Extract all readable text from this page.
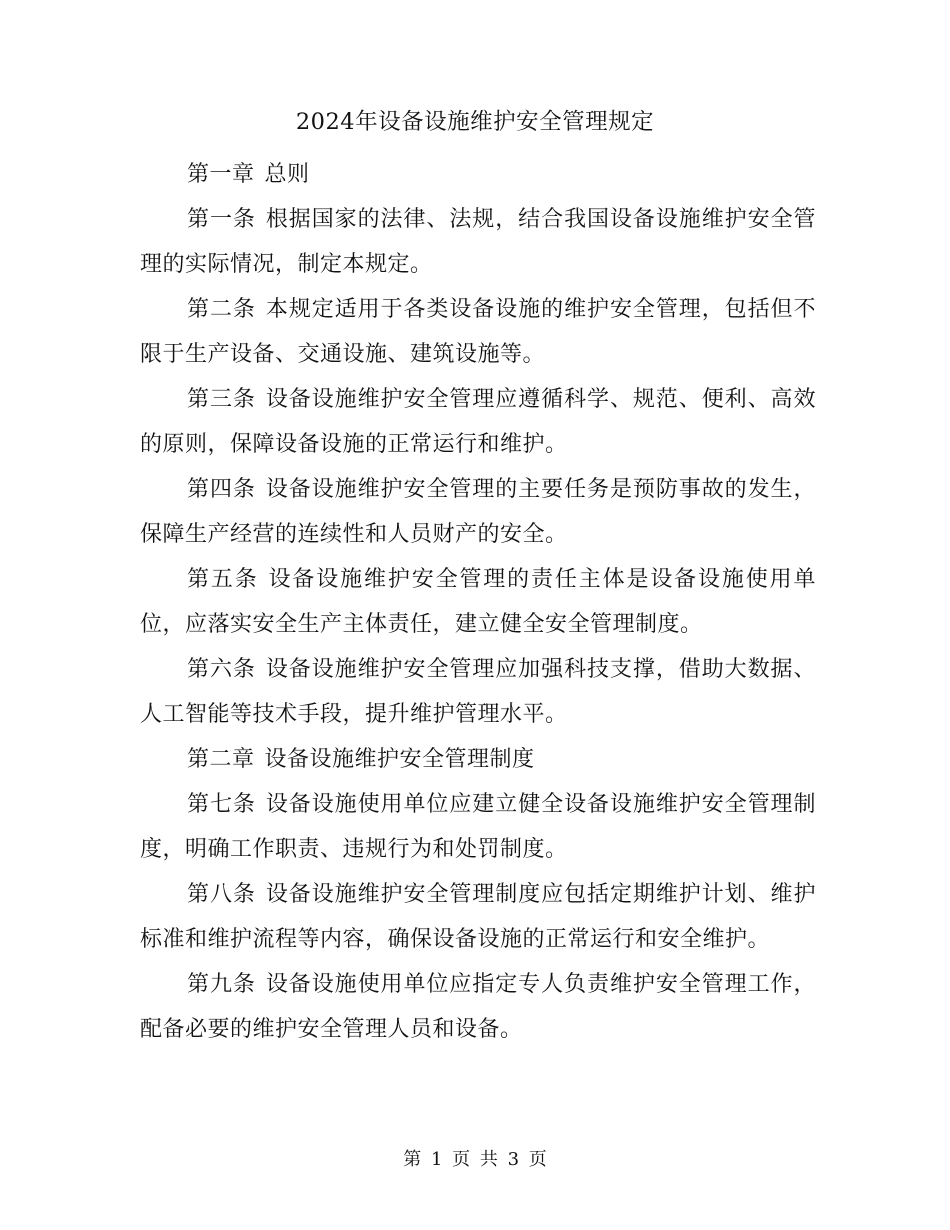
2024年设备设施维护安全管理规定

第一章 总则

第一条 根据国家的法律、法规，结合我国设备设施维护安全管理的实际情况，制定本规定。

第二条 本规定适用于各类设备设施的维护安全管理，包括但不限于生产设备、交通设施、建筑设施等。

第三条 设备设施维护安全管理应遵循科学、规范、便利、高效的原则，保障设备设施的正常运行和维护。

第四条 设备设施维护安全管理的主要任务是预防事故的发生，保障生产经营的连续性和人员财产的安全。

第五条 设备设施维护安全管理的责任主体是设备设施使用单位，应落实安全生产主体责任，建立健全安全管理制度。

第六条 设备设施维护安全管理应加强科技支撑，借助大数据、人工智能等技术手段，提升维护管理水平。

第二章 设备设施维护安全管理制度

第七条 设备设施使用单位应建立健全设备设施维护安全管理制度，明确工作职责、违规行为和处罚制度。

第八条 设备设施维护安全管理制度应包括定期维护计划、维护标准和维护流程等内容，确保设备设施的正常运行和安全维护。

第九条 设备设施使用单位应指定专人负责维护安全管理工作，配备必要的维护安全管理人员和设备。

第 1 页 共 3 页
